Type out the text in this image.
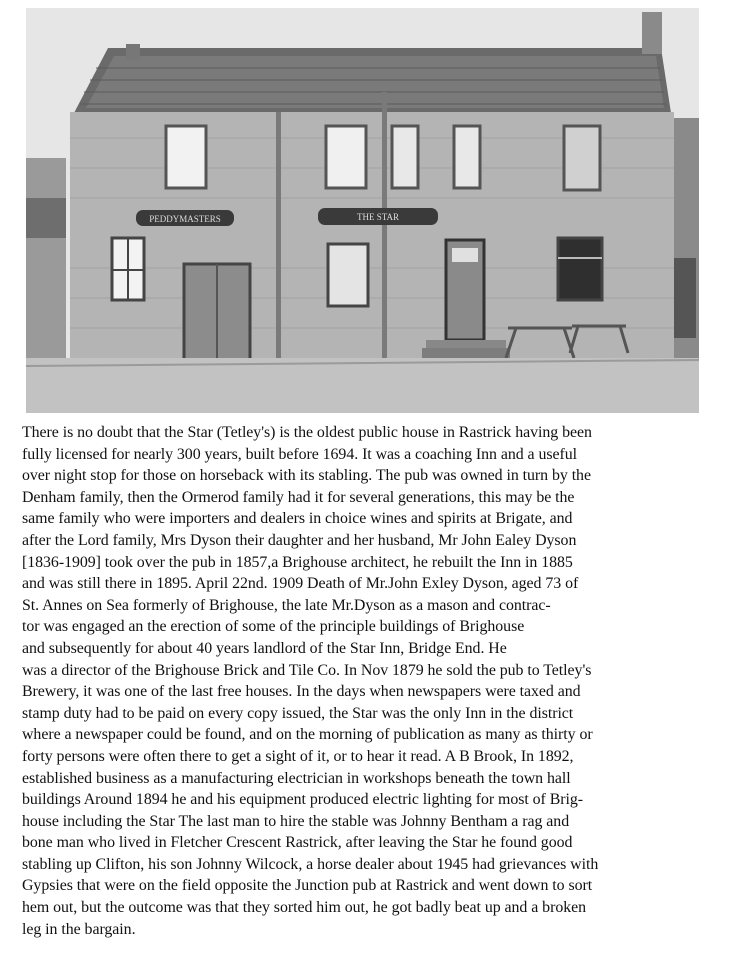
PEDDYMASTERS	THE STAR

There is no doubt that the Star (Tetley's) is the oldest public house in Rastrick having been
fully licensed for nearly 300 years, built before 1694. It was a coaching Inn and a useful
over night stop for those on horseback with its stabling. The pub was owned in turn by the
Denham family, then the Ormerod family had it for several generations, this may be the
same family who were importers and dealers in choice wines and spirits at Brigate, and
after the Lord family, Mrs Dyson their daughter and her husband, Mr John Ealey Dyson
[1836-1909] took over the pub in 1857,a Brighouse architect, he rebuilt the Inn in 1885
and was still there in 1895. April 22nd. 1909 Death of Mr.John Exley Dyson, aged 73 of
St. Annes on Sea formerly of Brighouse, the late Mr.Dyson as a mason and contrac-
tor was engaged an the erection of some of the principle buildings of Brighouse
and subsequently for about 40 years landlord of the Star Inn, Bridge End. He
was a director of the Brighouse Brick and Tile Co. In Nov 1879 he sold the pub to Tetley's
Brewery, it was one of the last free houses. In the days when newspapers were taxed and
stamp duty had to be paid on every copy issued, the Star was the only Inn in the district
where a newspaper could be found, and on the morning of publication as many as thirty or
forty persons were often there to get a sight of it, or to hear it read. A B Brook, In 1892,
established business as a manufacturing electrician in workshops beneath the town hall
buildings Around 1894 he and his equipment produced electric lighting for most of Brig-
house including the Star The last man to hire the stable was Johnny Bentham a rag and
bone man who lived in Fletcher Crescent Rastrick, after leaving the Star he found good
stabling up Clifton, his son Johnny Wilcock, a horse dealer about 1945 had grievances with
Gypsies that were on the field opposite the Junction pub at Rastrick and went down to sort
hem out, but the outcome was that they sorted him out, he got badly beat up and a broken
leg in the bargain.
